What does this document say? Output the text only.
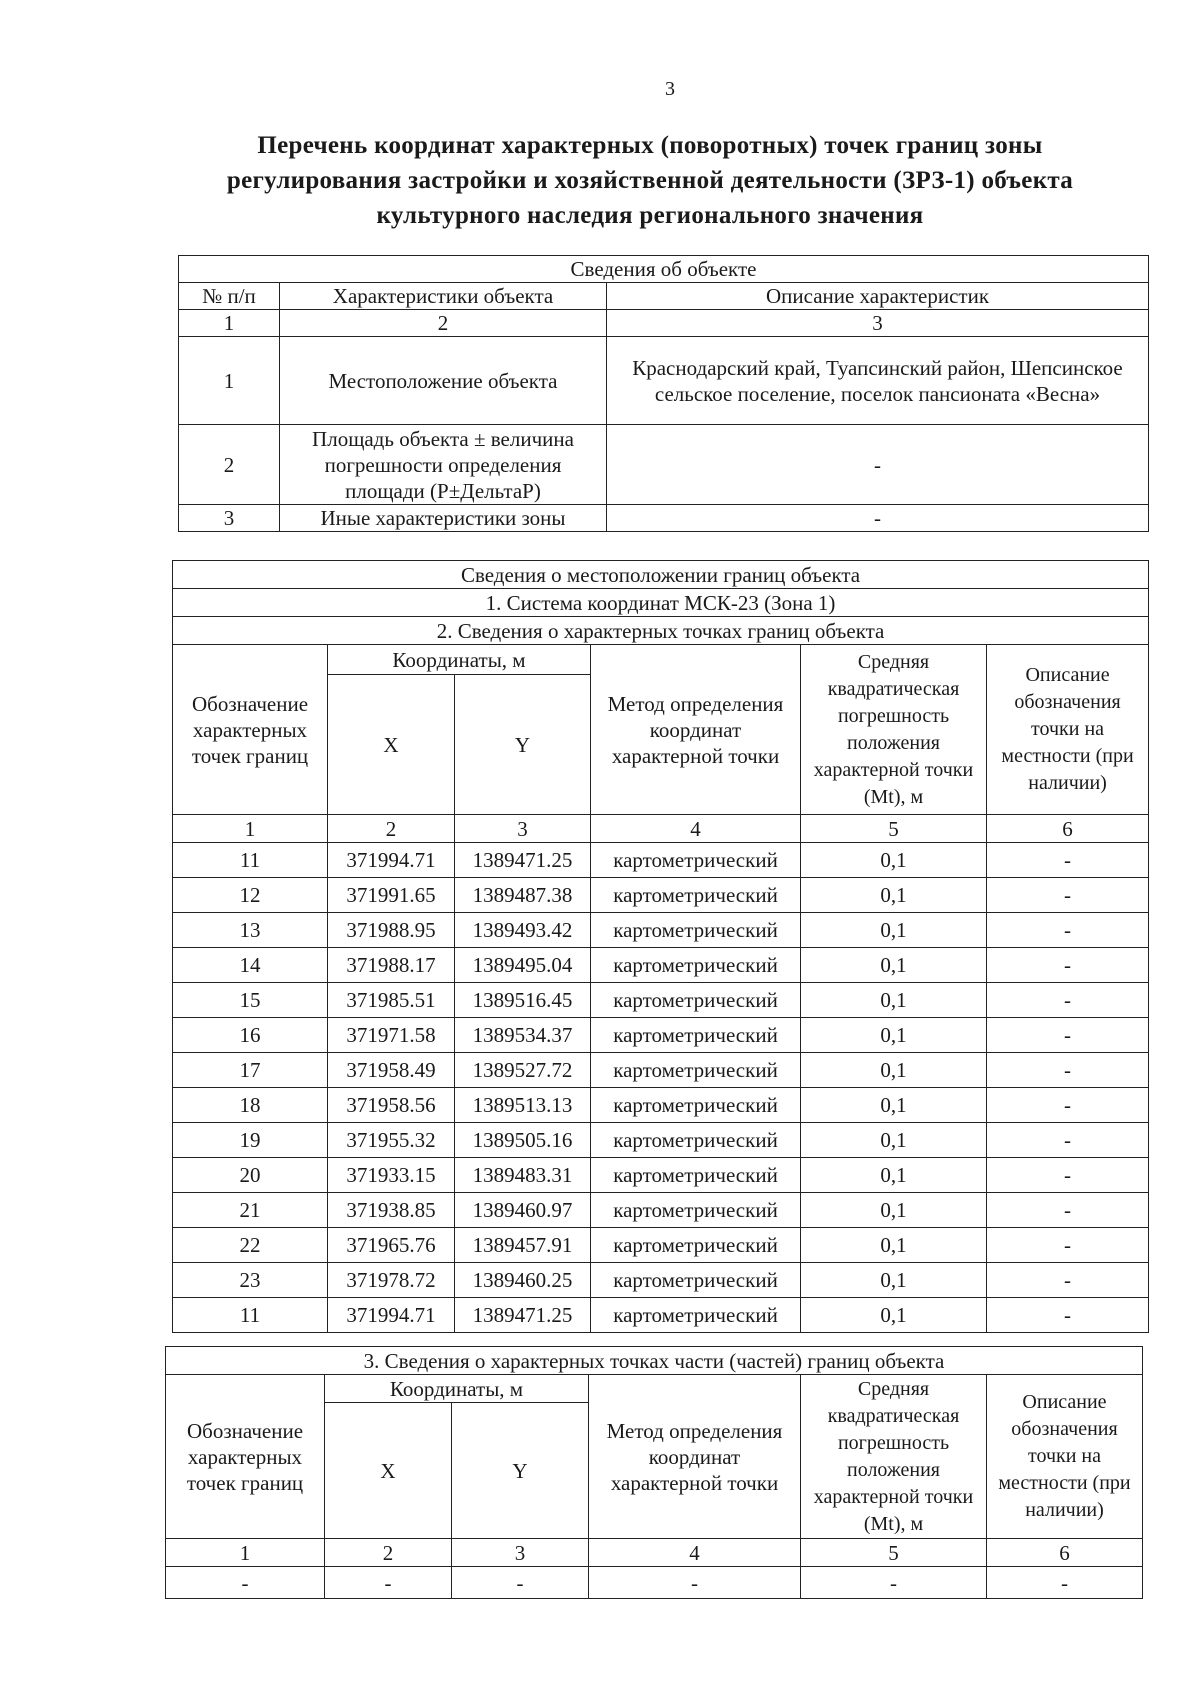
3
Перечень координат характерных (поворотных) точек границ зоны
регулирования застройки и хозяйственной деятельности (ЗРЗ-1) объекта
культурного наследия регионального значения
Сведения об объекте		
№ п/п	Характеристики объекта	Описание характеристик
1	2	3
1	Местоположение объекта	Краснодарский край, Туапсинский район, Шепсинское сельское поселение, поселок пансионата «Весна»
2	Площадь объекта ± величина погрешности определения площади (Р±ДельтаР)	-
3	Иные характеристики зоны	-
Сведения о местоположении границ объекта					
1. Система координат МСК-23 (Зона 1)					
2. Сведения о характерных точках границ объекта					
Обозначение характерных точек границ	Координаты, м		Метод определения координат характерной точки	Средняя квадратическая погрешность положения характерной точки (Mt), м	Описание обозначения точки на местности (при наличии)
	X	Y			
1	2	3	4	5	6
11	371994.71	1389471.25	картометрический	0,1	-
12	371991.65	1389487.38	картометрический	0,1	-
13	371988.95	1389493.42	картометрический	0,1	-
14	371988.17	1389495.04	картометрический	0,1	-
15	371985.51	1389516.45	картометрический	0,1	-
16	371971.58	1389534.37	картометрический	0,1	-
17	371958.49	1389527.72	картометрический	0,1	-
18	371958.56	1389513.13	картометрический	0,1	-
19	371955.32	1389505.16	картометрический	0,1	-
20	371933.15	1389483.31	картометрический	0,1	-
21	371938.85	1389460.97	картометрический	0,1	-
22	371965.76	1389457.91	картометрический	0,1	-
23	371978.72	1389460.25	картометрический	0,1	-
11	371994.71	1389471.25	картометрический	0,1	-
3. Сведения о характерных точках части (частей) границ объекта					
Обозначение характерных точек границ	Координаты, м		Метод определения координат характерной точки	Средняя квадратическая погрешность положения характерной точки (Mt), м	Описание обозначения точки на местности (при наличии)
	X	Y			
1	2	3	4	5	6
-	-	-	-	-	-
